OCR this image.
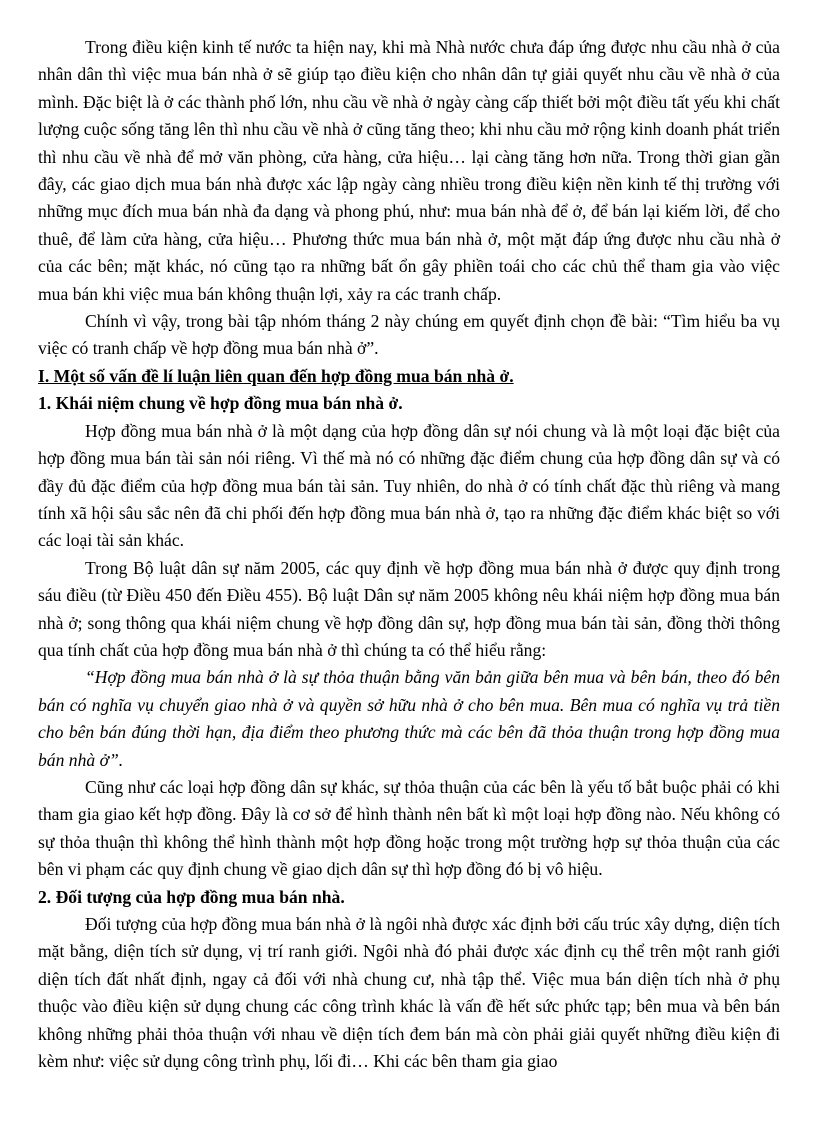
Trong điều kiện kinh tế nước ta hiện nay, khi mà Nhà nước chưa đáp ứng được nhu cầu nhà ở của nhân dân thì việc mua bán nhà ở sẽ giúp tạo điều kiện cho nhân dân tự giải quyết nhu cầu về nhà ở của mình. Đặc biệt là ở các thành phố lớn, nhu cầu về nhà ở ngày càng cấp thiết bởi một điều tất yếu khi chất lượng cuộc sống tăng lên thì nhu cầu về nhà ở cũng tăng theo; khi nhu cầu mở rộng kinh doanh phát triển thì nhu cầu về nhà để mở văn phòng, cửa hàng, cửa hiệu… lại càng tăng hơn nữa. Trong thời gian gần đây, các giao dịch mua bán nhà được xác lập ngày càng nhiều trong điều kiện nền kinh tế thị trường với những mục đích mua bán nhà đa dạng và phong phú, như: mua bán nhà để ở, để bán lại kiếm lời, để cho thuê, để làm cửa hàng, cửa hiệu… Phương thức mua bán nhà ở, một mặt đáp ứng được nhu cầu nhà ở của các bên; mặt khác, nó cũng tạo ra những bất ổn gây phiền toái cho các chủ thể tham gia vào việc mua bán khi việc mua bán không thuận lợi, xảy ra các tranh chấp.

Chính vì vậy, trong bài tập nhóm tháng 2 này chúng em quyết định chọn đề bài: “Tìm hiểu ba vụ việc có tranh chấp về hợp đồng mua bán nhà ở”.

I. Một số vấn đề lí luận liên quan đến hợp đồng mua bán nhà ở.

1. Khái niệm chung về hợp đồng mua bán nhà ở.

Hợp đồng mua bán nhà ở là một dạng của hợp đồng dân sự nói chung và là một loại đặc biệt của hợp đồng mua bán tài sản nói riêng. Vì thế mà nó có những đặc điểm chung của hợp đồng dân sự và có đầy đủ đặc điểm của hợp đồng mua bán tài sản. Tuy nhiên, do nhà ở có tính chất đặc thù riêng và mang tính xã hội sâu sắc nên đã chi phối đến hợp đồng mua bán nhà ở, tạo ra những đặc điểm khác biệt so với các loại tài sản khác.

Trong Bộ luật dân sự năm 2005, các quy định về hợp đồng mua bán nhà ở được quy định trong sáu điều (từ Điều 450 đến Điều 455). Bộ luật Dân sự năm 2005 không nêu khái niệm hợp đồng mua bán nhà ở; song thông qua khái niệm chung về hợp đồng dân sự, hợp đồng mua bán tài sản, đồng thời thông qua tính chất của hợp đồng mua bán nhà ở thì chúng ta có thể hiểu rằng:

“Hợp đồng mua bán nhà ở là sự thỏa thuận bằng văn bản giữa bên mua và bên bán, theo đó bên bán có nghĩa vụ chuyển giao nhà ở và quyền sở hữu nhà ở cho bên mua. Bên mua có nghĩa vụ trả tiền cho bên bán đúng thời hạn, địa điểm theo phương thức mà các bên đã thỏa thuận trong hợp đồng mua bán nhà ở”.

Cũng như các loại hợp đồng dân sự khác, sự thỏa thuận của các bên là yếu tố bắt buộc phải có khi tham gia giao kết hợp đồng. Đây là cơ sở để hình thành nên bất kì một loại hợp đồng nào. Nếu không có sự thỏa thuận thì không thể hình thành một hợp đồng hoặc trong một trường hợp sự thỏa thuận của các bên vi phạm các quy định chung về giao dịch dân sự thì hợp đồng đó bị vô hiệu.

2. Đối tượng của hợp đồng mua bán nhà.

Đối tượng của hợp đồng mua bán nhà ở là ngôi nhà được xác định bởi cấu trúc xây dựng, diện tích mặt bằng, diện tích sử dụng, vị trí ranh giới. Ngôi nhà đó phải được xác định cụ thể trên một ranh giới diện tích đất nhất định, ngay cả đối với nhà chung cư, nhà tập thể. Việc mua bán diện tích nhà ở phụ thuộc vào điều kiện sử dụng chung các công trình khác là vấn đề hết sức phức tạp; bên mua và bên bán không những phải thỏa thuận với nhau về diện tích đem bán mà còn phải giải quyết những điều kiện đi kèm như: việc sử dụng công trình phụ, lối đi… Khi các bên tham gia giao
